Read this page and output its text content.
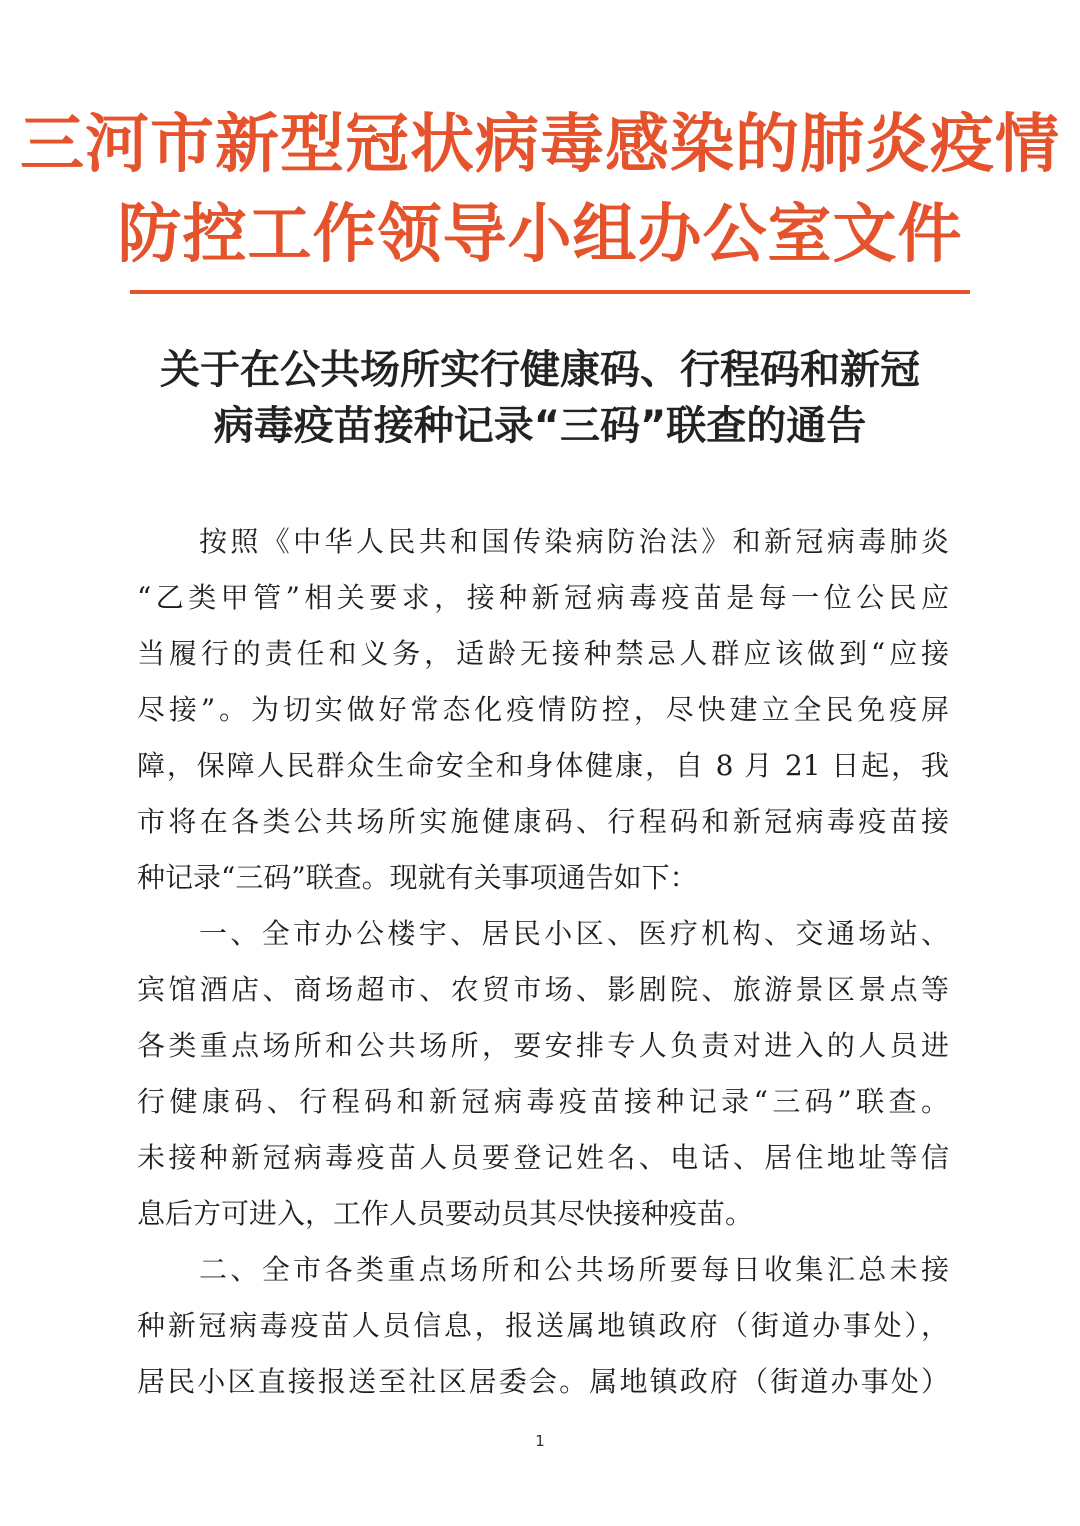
三河市新型冠状病毒感染的肺炎疫情
防控工作领导小组办公室文件
关于在公共场所实行健康码、行程码和新冠
病毒疫苗接种记录“三码”联查的通告
按照《中华人民共和国传染病防治法》和新冠病毒肺炎
“乙类甲管”相关要求，接种新冠病毒疫苗是每一位公民应
当履行的责任和义务，适龄无接种禁忌人群应该做到“应接
尽接”。为切实做好常态化疫情防控，尽快建立全民免疫屏
障，保障人民群众生命安全和身体健康，自 8 月 21 日起，我
市将在各类公共场所实施健康码、行程码和新冠病毒疫苗接
种记录“三码”联查。现就有关事项通告如下：
一、全市办公楼宇、居民小区、医疗机构、交通场站、
宾馆酒店、商场超市、农贸市场、影剧院、旅游景区景点等
各类重点场所和公共场所，要安排专人负责对进入的人员进
行健康码、行程码和新冠病毒疫苗接种记录“三码”联查。
未接种新冠病毒疫苗人员要登记姓名、电话、居住地址等信
息后方可进入，工作人员要动员其尽快接种疫苗。
二、全市各类重点场所和公共场所要每日收集汇总未接
种新冠病毒疫苗人员信息，报送属地镇政府（街道办事处），
居民小区直接报送至社区居委会。属地镇政府（街道办事处）
1
